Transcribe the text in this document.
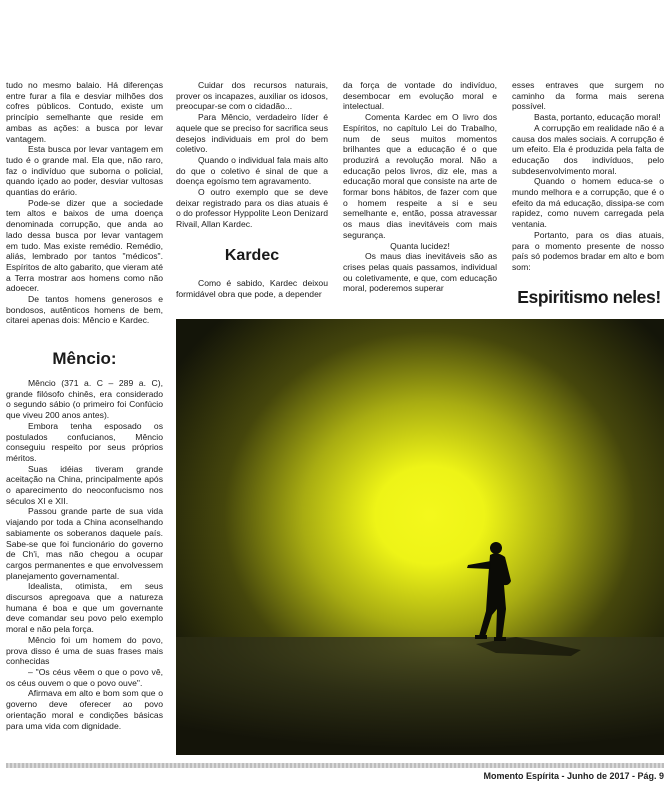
tudo no mesmo balaio. Há diferenças entre furar a fila e desviar milhões dos cofres públicos. Contudo, existe um princípio semelhante que reside em ambas as ações: a busca por levar vantagem.

Esta busca por levar vantagem em tudo é o grande mal. Ela que, não raro, faz o indivíduo que suborna o policial, quando içado ao poder, desviar vultosas quantias do erário.

Pode-se dizer que a sociedade tem altos e baixos de uma doença denominada corrupção, que anda ao lado dessa busca por levar vantagem em tudo. Mas existe remédio. Remédio, aliás, lembrado por tantos "médicos". Espíritos de alto gabarito, que vieram até a Terra mostrar aos homens como não adoecer.

De tantos homens generosos e bondosos, autênticos homens de bem, citarei apenas dois: Mêncio e Kardec.

Mêncio:

Mêncio (371 a. C – 289 a. C), grande filósofo chinês, era considerado o segundo sábio (o primeiro foi Confúcio que viveu 200 anos antes).

Embora tenha esposado os postulados confucianos, Mêncio conseguiu respeito por seus próprios méritos.

Suas idéias tiveram grande aceitação na China, principalmente após o aparecimento do neoconfucismo nos séculos XI e XII.

Passou grande parte de sua vida viajando por toda a China aconselhando sabiamente os soberanos daquele país. Sabe-se que foi funcionário do governo de Ch'i, mas não chegou a ocupar cargos permanentes e que envolvessem planejamento governamental.

Idealista, otimista, em seus discursos apregoava que a natureza humana é boa e que um governante deve comandar seu povo pelo exemplo moral e não pela força.

Mêncio foi um homem do povo, prova disso é uma de suas frases mais conhecidas

– "Os céus vêem o que o povo vê, os céus ouvem o que o povo ouve".

Afirmava em alto e bom som que o governo deve oferecer ao povo orientação moral e condições básicas para uma vida com dignidade.

Cuidar dos recursos naturais, prover os incapazes, auxiliar os idosos, preocupar-se com o cidadão...

Para Mêncio, verdadeiro líder é aquele que se preciso for sacrifica seus desejos individuais em prol do bem coletivo.

Quando o individual fala mais alto do que o coletivo é sinal de que a doença egoísmo tem agravamento.

O outro exemplo que se deve deixar registrado para os dias atuais é o do professor Hyppolite Leon Denizard Rivail, Allan Kardec.

Kardec

Como é sabido, Kardec deixou formidável obra que pode, a depender

da força de vontade do indivíduo, desembocar em evolução moral e intelectual.

Comenta Kardec em O livro dos Espíritos, no capítulo Lei do Trabalho, num de seus muitos momentos brilhantes que a educação é o que produzirá a revolução moral. Não a educação pelos livros, diz ele, mas a educação moral que consiste na arte de formar bons hábitos, de fazer com que o homem respeite a si e seu semelhante e, então, possa atravessar os maus dias inevitáveis com mais segurança.

Quanta lucidez!

Os maus dias inevitáveis são as crises pelas quais passamos, individual ou coletivamente, e que, com educação moral, poderemos superar

esses entraves que surgem no caminho da forma mais serena possível.

Basta, portanto, educação moral!

A corrupção em realidade não é a causa dos males sociais. A corrupção é um efeito. Ela é produzida pela falta de educação dos indivíduos, pelo subdesenvolvimento moral.

Quando o homem educa-se o mundo melhora e a corrupção, que é o efeito da má educação, dissipa-se com rapidez, como nuvem carregada pela ventania.

Portanto, para os dias atuais, para o momento presente de nosso país só podemos bradar em alto e bom som:

Espiritismo neles!
Momento Espírita - Junho de 2017 - Pág. 9
